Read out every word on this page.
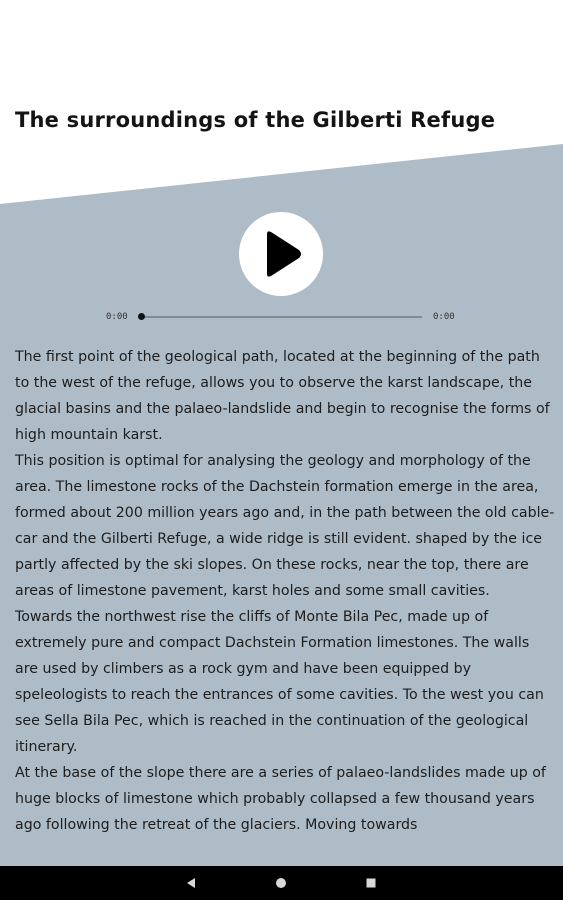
The surroundings of the Gilberti Refuge
0:00	0:00

The first point of the geological path, located at the beginning of the path to the west of the refuge, allows you to observe the karst landscape, the glacial basins and the palaeo-landslide and begin to recognise the forms of high mountain karst.

This position is optimal for analysing the geology and morphology of the area. The limestone rocks of the Dachstein formation emerge in the area, formed about 200 million years ago and, in the path between the old cable-car and the Gilberti Refuge, a wide ridge is still evident. shaped by the ice partly affected by the ski slopes. On these rocks, near the top, there are areas of limestone pavement, karst holes and some small cavities.

Towards the northwest rise the cliffs of Monte Bila Pec, made up of extremely pure and compact Dachstein Formation limestones. The walls are used by climbers as a rock gym and have been equipped by speleologists to reach the entrances of some cavities. To the west you can see Sella Bila Pec, which is reached in the continuation of the geological itinerary.

At the base of the slope there are a series of palaeo-landslides made up of huge blocks of limestone which probably collapsed a few thousand years ago following the retreat of the glaciers. Moving towards
